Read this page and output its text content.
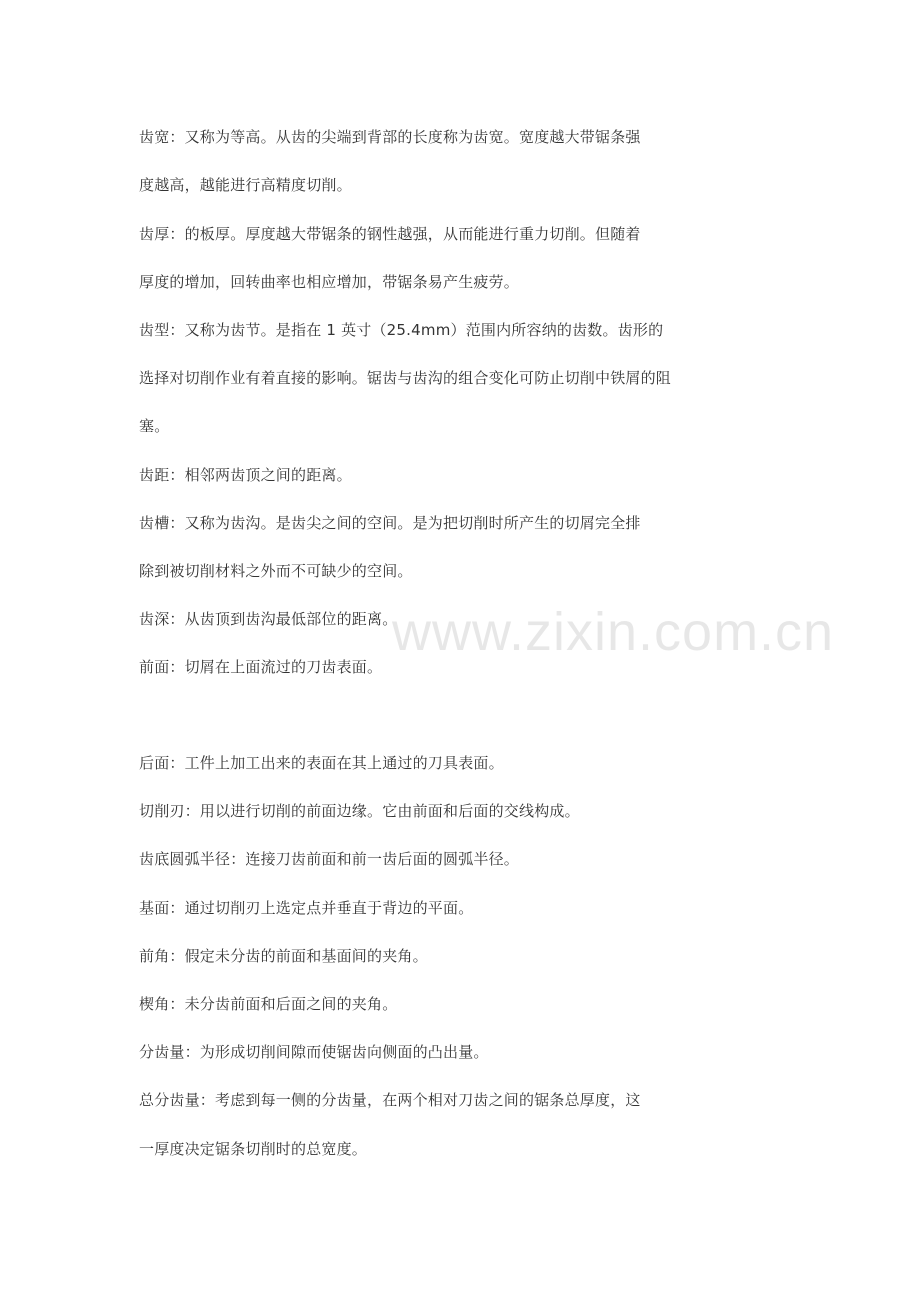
齿宽：又称为等高。从齿的尖端到背部的长度称为齿宽。宽度越大带锯条强
度越高，越能进行高精度切削。
齿厚：的板厚。厚度越大带锯条的钢性越强，从而能进行重力切削。但随着
厚度的增加，回转曲率也相应增加，带锯条易产生疲劳。
齿型：又称为齿节。是指在 1 英寸（25.4mm）范围内所容纳的齿数。齿形的
选择对切削作业有着直接的影响。锯齿与齿沟的组合变化可防止切削中铁屑的阻
塞。
齿距：相邻两齿顶之间的距离。
齿槽：又称为齿沟。是齿尖之间的空间。是为把切削时所产生的切屑完全排
除到被切削材料之外而不可缺少的空间。
齿深：从齿顶到齿沟最低部位的距离。
前面：切屑在上面流过的刀齿表面。
后面：工件上加工出来的表面在其上通过的刀具表面。
切削刃：用以进行切削的前面边缘。它由前面和后面的交线构成。
齿底圆弧半径：连接刀齿前面和前一齿后面的圆弧半径。
基面：通过切削刃上选定点并垂直于背边的平面。
前角：假定未分齿的前面和基面间的夹角。
楔角：未分齿前面和后面之间的夹角。
分齿量：为形成切削间隙而使锯齿向侧面的凸出量。
总分齿量：考虑到每一侧的分齿量，在两个相对刀齿之间的锯条总厚度，这
一厚度决定锯条切削时的总宽度。
www.zixin.com.cn
